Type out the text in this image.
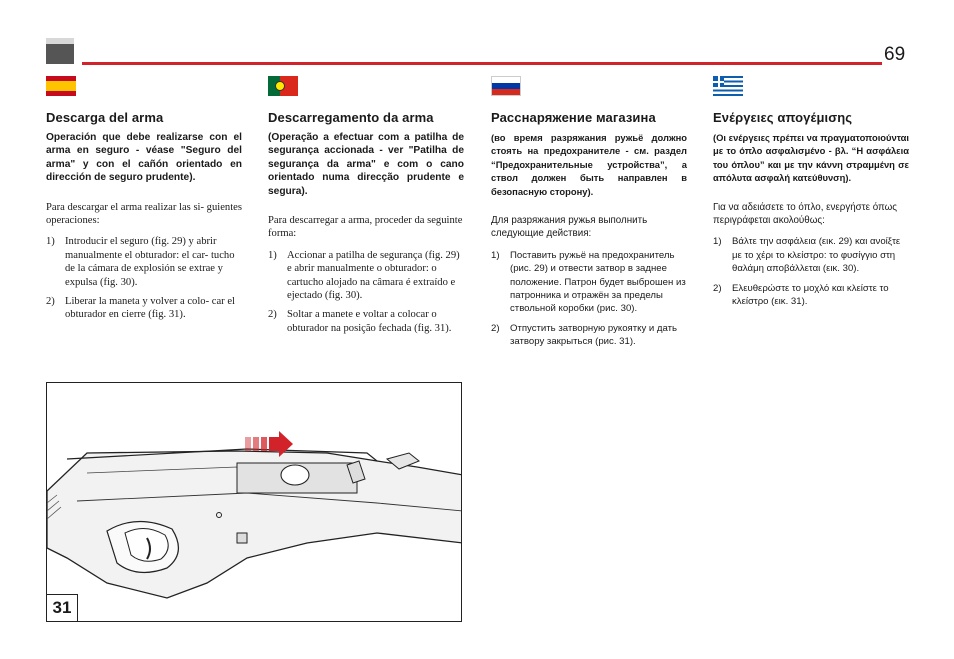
69
Descarga del arma

Operación que debe realizarse con el arma en seguro - véase "Seguro del arma" y con el cañón orientado en dirección de seguro prudente).

Para descargar el arma realizar las si- guientes operaciones:

1) Introducir el seguro (fig. 29) y abrir manualmente el obturador: el car- tucho de la cámara de explosión se extrae y expulsa (fig. 30).
2) Liberar la maneta y volver a colo- car el obturador en cierre (fig. 31).
Descarregamento da arma

(Operação a efectuar com a patilha de segurança accionada - ver "Patilha de segurança da arma" e com o cano orientado numa direcção prudente e segura).

Para descarregar a arma, proceder da seguinte forma:

1) Accionar a patilha de segurança (fig. 29) e abrir manualmente o obturador: o cartucho alojado na câmara é extraído e ejectado (fig. 30).
2) Soltar a manete e voltar a colocar o obturador na posição fechada (fig. 31).
Расснаряжение магазина

(во время разряжания ружьё должно стоять на предохранителе - см. раздел “Предохранительные устройства”, а ствол должен быть направлен в безопасную сторону).

Для разряжания ружья выполнить следующие действия:

1) Поставить ружьё на предохранитель (рис. 29) и отвести затвор в заднее положение. Патрон будет выброшен из патронника и отражён за пределы ствольной коробки (рис. 30).
2) Отпустить затворную рукоятку и дать затвору закрыться (рис. 31).
Ενέργειες απογέμισης

(Οι ενέργειες πρέπει να πραγματοποιούνται με το όπλο ασφαλισμένο - βλ. “Η ασφάλεια του όπλου” και με την κάννη στραμμένη σε απόλυτα ασφαλή κατεύθυνση).

Για να αδειάσετε το όπλο, ενεργήστε όπως περιγράφεται ακολούθως:

1) Βάλτε την ασφάλεια (εικ. 29) και ανοίξτε με το χέρι το κλείστρο: το φυσίγγιο στη θαλάμη αποβάλλεται (εικ. 30).
2) Ελευθερώστε το μοχλό και κλείστε το κλείστρο (εικ. 31).
31
